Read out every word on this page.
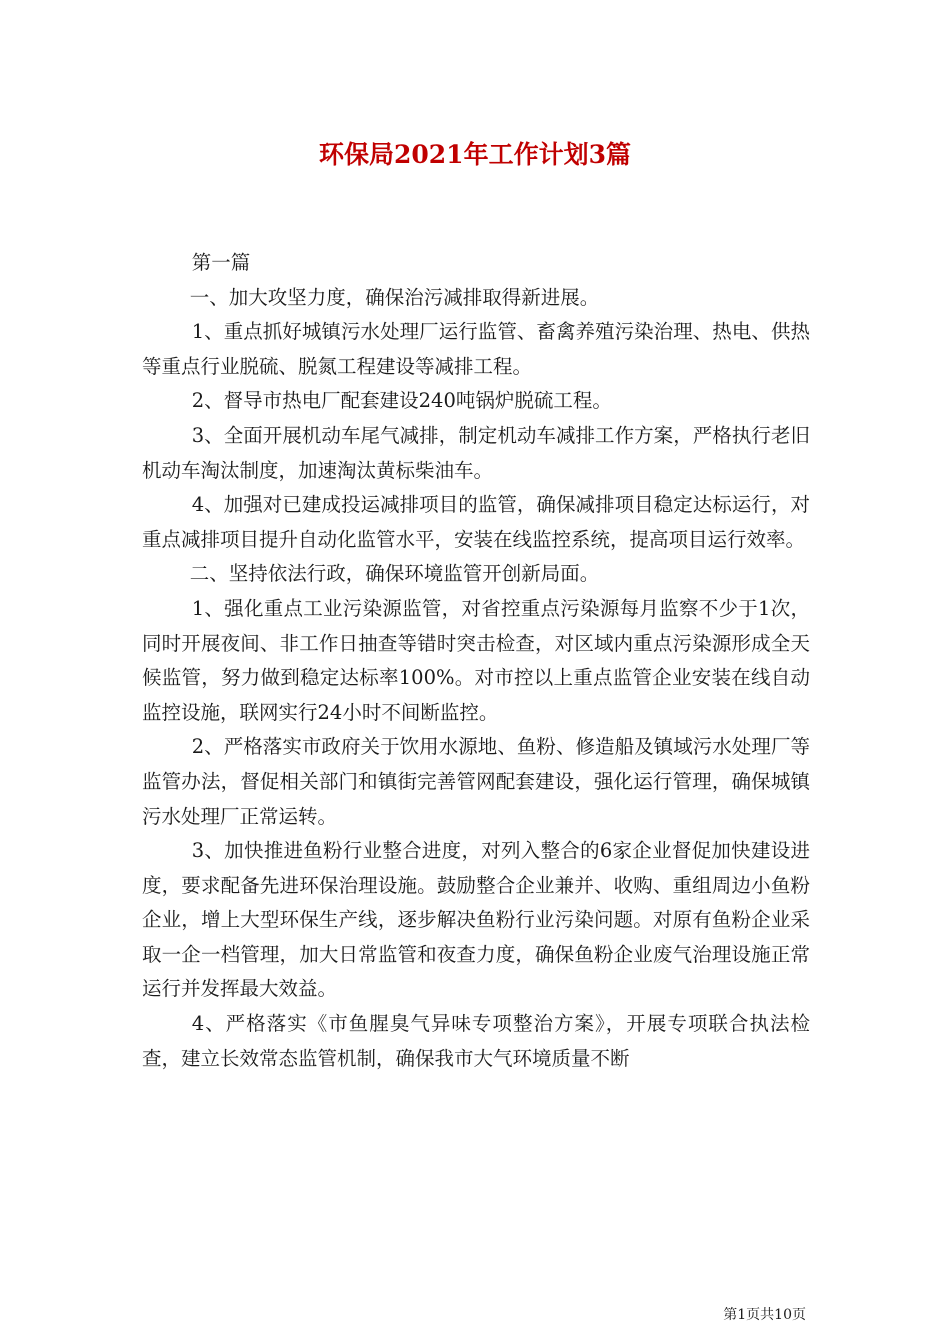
环保局2021年工作计划3篇

第一篇

一、加大攻坚力度，确保治污减排取得新进展。

1、重点抓好城镇污水处理厂运行监管、畜禽养殖污染治理、热电、供热等重点行业脱硫、脱氮工程建设等减排工程。

2、督导市热电厂配套建设240吨锅炉脱硫工程。

3、全面开展机动车尾气减排，制定机动车减排工作方案，严格执行老旧机动车淘汰制度，加速淘汰黄标柴油车。

4、加强对已建成投运减排项目的监管，确保减排项目稳定达标运行，对重点减排项目提升自动化监管水平，安装在线监控系统，提高项目运行效率。

二、坚持依法行政，确保环境监管开创新局面。

1、强化重点工业污染源监管，对省控重点污染源每月监察不少于1次，同时开展夜间、非工作日抽查等错时突击检查，对区域内重点污染源形成全天候监管，努力做到稳定达标率100%。对市控以上重点监管企业安装在线自动监控设施，联网实行24小时不间断监控。

2、严格落实市政府关于饮用水源地、鱼粉、修造船及镇域污水处理厂等监管办法，督促相关部门和镇街完善管网配套建设，强化运行管理，确保城镇污水处理厂正常运转。

3、加快推进鱼粉行业整合进度，对列入整合的6家企业督促加快建设进度，要求配备先进环保治理设施。鼓励整合企业兼并、收购、重组周边小鱼粉企业，增上大型环保生产线，逐步解决鱼粉行业污染问题。对原有鱼粉企业采取一企一档管理，加大日常监管和夜查力度，确保鱼粉企业废气治理设施正常运行并发挥最大效益。

4、严格落实《市鱼腥臭气异味专项整治方案》，开展专项联合执法检查，建立长效常态监管机制，确保我市大气环境质量不断

第1页共10页
